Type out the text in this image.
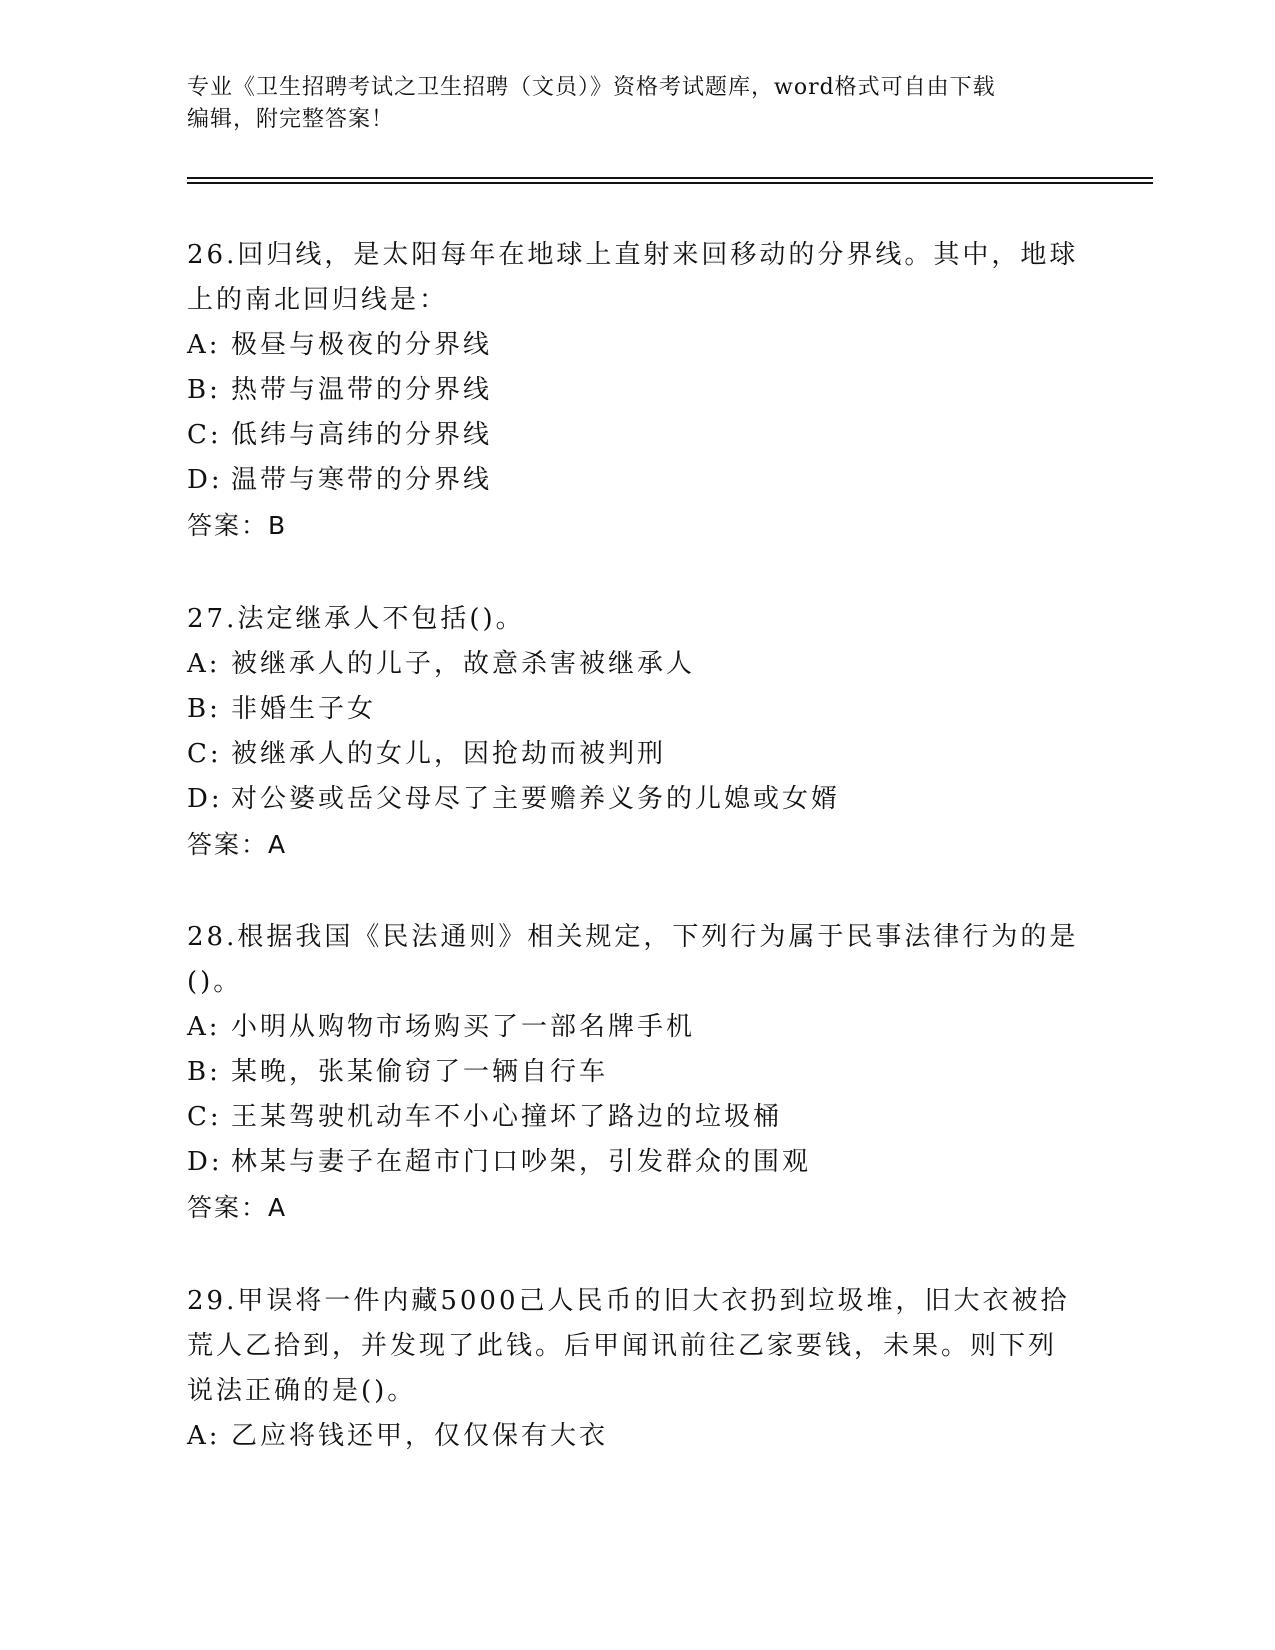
专业《卫生招聘考试之卫生招聘（文员）》资格考试题库，word格式可自由下载
编辑，附完整答案！

26.回归线，是太阳每年在地球上直射来回移动的分界线。其中，地球

上的南北回归线是：

A: 极昼与极夜的分界线

B: 热带与温带的分界线

C: 低纬与高纬的分界线

D: 温带与寒带的分界线

答案：B

27.法定继承人不包括()。

A: 被继承人的儿子，故意杀害被继承人

B: 非婚生子女

C: 被继承人的女儿，因抢劫而被判刑

D: 对公婆或岳父母尽了主要赡养义务的儿媳或女婿

答案：A

28.根据我国《民法通则》相关规定，下列行为属于民事法律行为的是

()。

A: 小明从购物市场购买了一部名牌手机

B: 某晚，张某偷窃了一辆自行车

C: 王某驾驶机动车不小心撞坏了路边的垃圾桶

D: 林某与妻子在超市门口吵架，引发群众的围观

答案：A

29.甲误将一件内藏5000己人民币的旧大衣扔到垃圾堆，旧大衣被拾

荒人乙拾到，并发现了此钱。后甲闻讯前往乙家要钱，未果。则下列

说法正确的是()。

A: 乙应将钱还甲，仅仅保有大衣
